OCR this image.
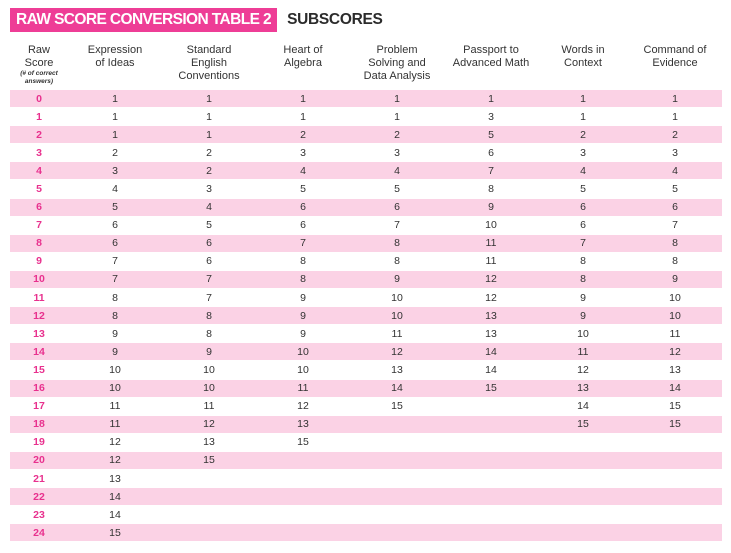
RAW SCORE CONVERSION TABLE 2	SUBSCORES
Raw
Score
(# of correct
answers)	Expression
of Ideas	Standard
English
Conventions	Heart of
Algebra	Problem
Solving and
Data Analysis	Passport to
Advanced Math	Words in
Context	Command of
Evidence

0	1	1	1	1	1	1	1
1	1	1	1	1	3	1	1
2	1	1	2	2	5	2	2
3	2	2	3	3	6	3	3
4	3	2	4	4	7	4	4
5	4	3	5	5	8	5	5
6	5	4	6	6	9	6	6
7	6	5	6	7	10	6	7
8	6	6	7	8	11	7	8
9	7	6	8	8	11	8	8
10	7	7	8	9	12	8	9
11	8	7	9	10	12	9	10
12	8	8	9	10	13	9	10
13	9	8	9	11	13	10	11
14	9	9	10	12	14	11	12
15	10	10	10	13	14	12	13
16	10	10	11	14	15	13	14
17	11	11	12	15		14	15
18	11	12	13			15	15
19	12	13	15				
20	12	15					
21	13						
22	14						
23	14						
24	15						
